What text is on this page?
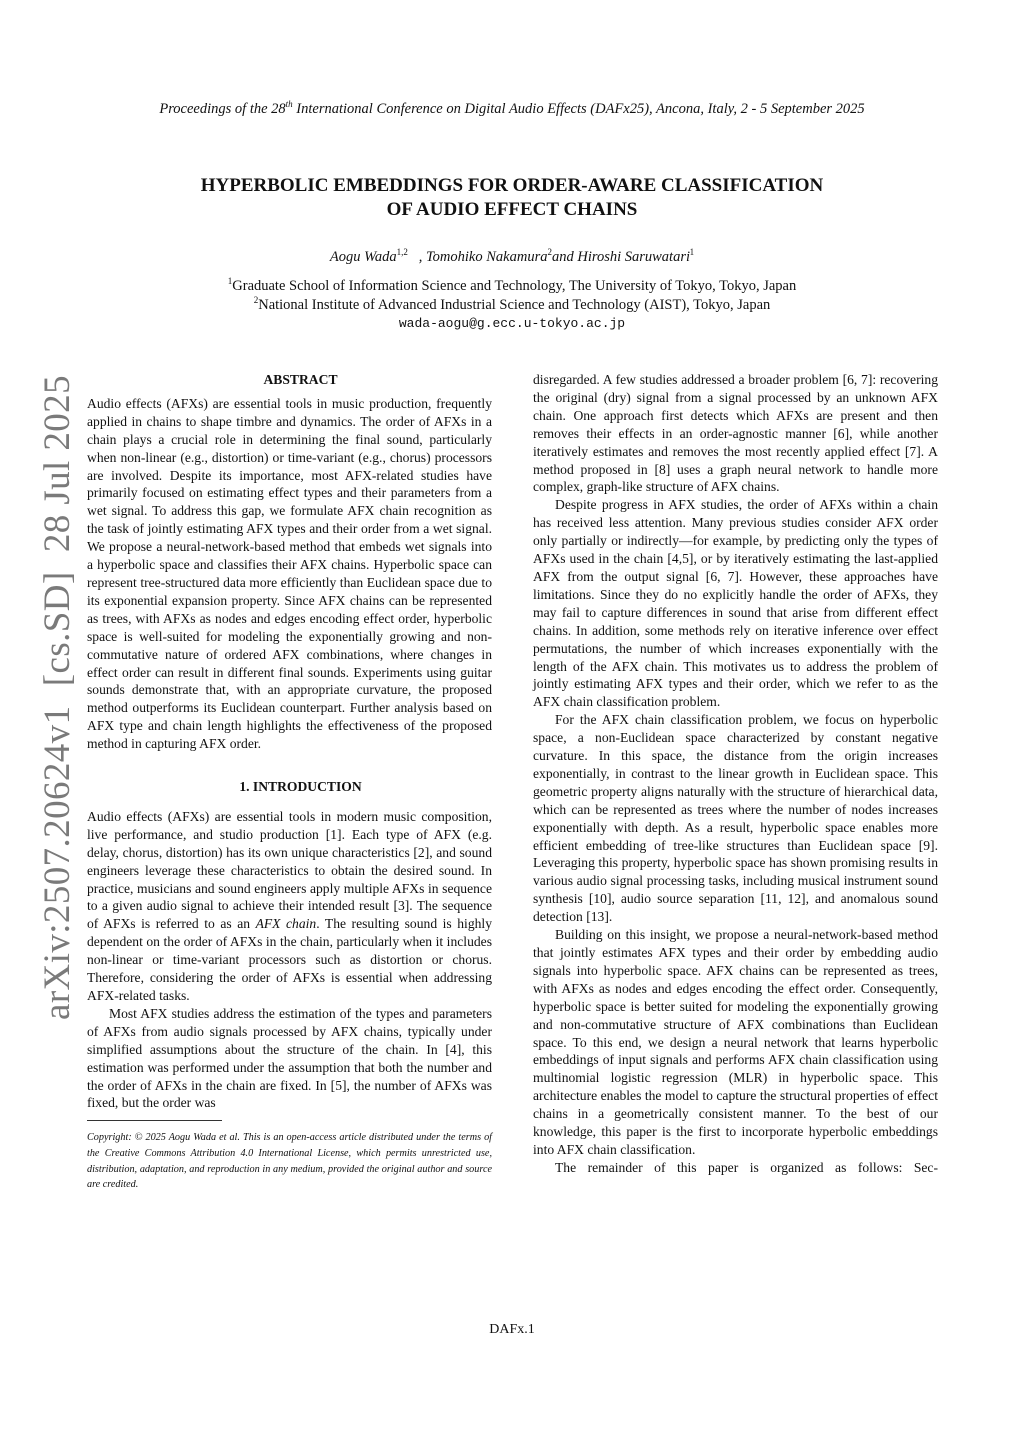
Proceedings of the 28th International Conference on Digital Audio Effects (DAFx25), Ancona, Italy, 2 - 5 September 2025
HYPERBOLIC EMBEDDINGS FOR ORDER-AWARE CLASSIFICATION
OF AUDIO EFFECT CHAINS
Aogu Wada$^{1,2}$ , Tomohiko Nakamura$^2$and Hiroshi Saruwatari $^1$
$^1$Graduate School of Information Science and Technology, The University of Tokyo, Tokyo, Japan
$^2$National Institute of Advanced Industrial Science and Technology (AIST), Tokyo, Japan
wada-aogu@g.ecc.u-tokyo.ac.jp
arXiv:2507.20624v1  [cs.SD]  28 Jul 2025	ABSTRACT

Audio effects (AFXs) are essential tools in music production, frequently applied in chains to shape timbre and dynamics. The order of AFXs in a chain plays a crucial role in determining the final sound, particularly when non-linear (e.g., distortion) or time-variant (e.g., chorus) processors are involved. Despite its importance, most AFX-related studies have primarily focused on estimating effect types and their parameters from a wet signal. To address this gap, we formulate AFX chain recognition as the task of jointly estimating AFX types and their order from a wet signal. We propose a neural-network-based method that embeds wet signals into a hyperbolic space and classifies their AFX chains. Hyperbolic space can represent tree-structured data more efficiently than Euclidean space due to its exponential expansion property. Since AFX chains can be represented as trees, with AFXs as nodes and edges encoding effect order, hyperbolic space is well-suited for modeling the exponentially growing and non-commutative nature of ordered AFX combinations, where changes in effect order can result in different final sounds. Experiments using guitar sounds demonstrate that, with an appropriate curvature, the proposed method outperforms its Euclidean counterpart. Further analysis based on AFX type and chain length highlights the effectiveness of the proposed method in capturing AFX order.

1. INTRODUCTION

Audio effects (AFXs) are essential tools in modern music composition, live performance, and studio production [1]. Each type of AFX (e.g. delay, chorus, distortion) has its own unique characteristics [2], and sound engineers leverage these characteristics to obtain the desired sound. In practice, musicians and sound engineers apply multiple AFXs in sequence to a given audio signal to achieve their intended result [3]. The sequence of AFXs is referred to as an AFX chain. The resulting sound is highly dependent on the order of AFXs in the chain, particularly when it includes non-linear or time-variant processors such as distortion or chorus. Therefore, considering the order of AFXs is essential when addressing AFX-related tasks.

Most AFX studies address the estimation of the types and parameters of AFXs from audio signals processed by AFX chains, typically under simplified assumptions about the structure of the chain. In [4], this estimation was performed under the assumption that both the number and the order of AFXs in the chain are fixed. In [5], the number of AFXs was fixed, but the order was

Copyright: © 2025 Aogu Wada et al. This is an open-access article distributed under the terms of the Creative Commons Attribution 4.0 International License, which permits unrestricted use, distribution, adaptation, and reproduction in any medium, provided the original author and source are credited.

disregarded. A few studies addressed a broader problem [6, 7]: recovering the original (dry) signal from a signal processed by an unknown AFX chain. One approach first detects which AFXs are present and then removes their effects in an order-agnostic manner [6], while another iteratively estimates and removes the most recently applied effect [7]. A method proposed in [8] uses a graph neural network to handle more complex, graph-like structure of AFX chains.

Despite progress in AFX studies, the order of AFXs within a chain has received less attention. Many previous studies consider AFX order only partially or indirectly—for example, by predicting only the types of AFXs used in the chain [4,5], or by iteratively estimating the last-applied AFX from the output signal [6, 7]. However, these approaches have limitations. Since they do no explicitly handle the order of AFXs, they may fail to capture differences in sound that arise from different effect chains. In addition, some methods rely on iterative inference over effect permutations, the number of which increases exponentially with the length of the AFX chain. This motivates us to address the problem of jointly estimating AFX types and their order, which we refer to as the AFX chain classification problem.

For the AFX chain classification problem, we focus on hyperbolic space, a non-Euclidean space characterized by constant negative curvature. In this space, the distance from the origin increases exponentially, in contrast to the linear growth in Euclidean space. This geometric property aligns naturally with the structure of hierarchical data, which can be represented as trees where the number of nodes increases exponentially with depth. As a result, hyperbolic space enables more efficient embedding of tree-like structures than Euclidean space [9]. Leveraging this property, hyperbolic space has shown promising results in various audio signal processing tasks, including musical instrument sound synthesis [10], audio source separation [11, 12], and anomalous sound detection [13].

Building on this insight, we propose a neural-network-based method that jointly estimates AFX types and their order by embedding audio signals into hyperbolic space. AFX chains can be represented as trees, with AFXs as nodes and edges encoding the effect order. Consequently, hyperbolic space is better suited for modeling the exponentially growing and non-commutative structure of AFX combinations than Euclidean space. To this end, we design a neural network that learns hyperbolic embeddings of input signals and performs AFX chain classification using multinomial logistic regression (MLR) in hyperbolic space. This architecture enables the model to capture the structural properties of effect chains in a geometrically consistent manner. To the best of our knowledge, this paper is the first to incorporate hyperbolic embeddings into AFX chain classification.

The remainder of this paper is organized as follows: Sec-

DAFx.1
